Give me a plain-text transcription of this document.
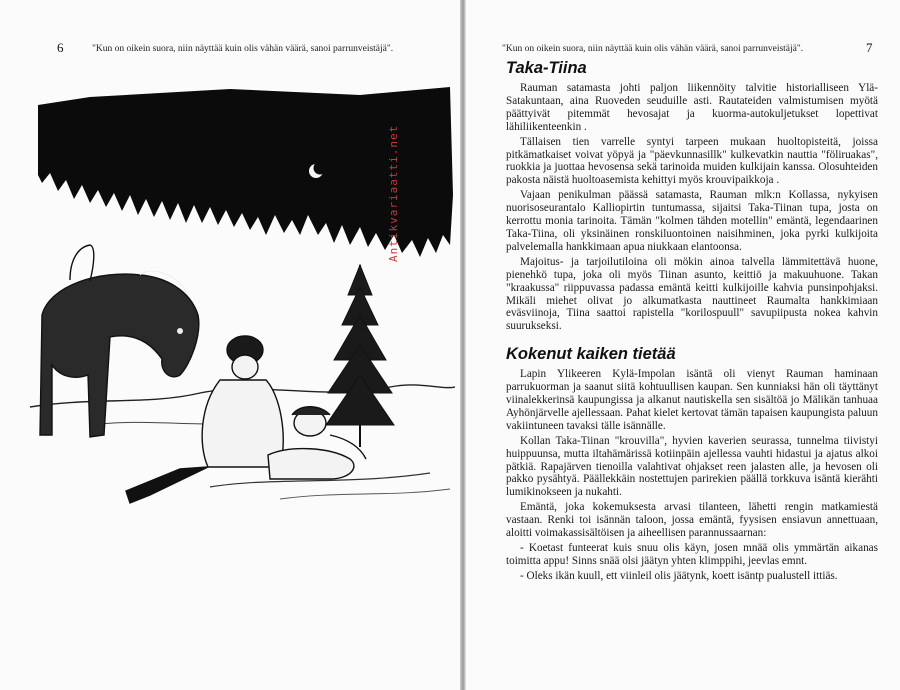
6	"Kun on oikein suora, niin näyttää kuin olis vähän väärä, sanoi parrunveistäjä".
Antikvariaatti.net
"Kun on oikein suora, niin näyttää kuin olis vähän väärä, sanoi parrunveistäjä".	7
Taka-Tiina

Rauman satamasta johti paljon liikennöity talvitie historialliseen Ylä-Satakuntaan, aina Ruoveden seuduille asti. Rautateiden valmistumisen myötä päättyivät pitemmät hevosajat ja kuorma-autokuljetukset lopettivat lähiliikenteenkin .

Tällaisen tien varrelle syntyi tarpeen mukaan huoltopisteitä, joissa pitkämatkaiset voivat yöpyä ja "päevkunnasillk" kulkevatkin nauttia "föliruakas", ruokkia ja juottaa hevosensa sekä tarinoida muiden kulkijain kanssa. Olosuhteiden pakosta näistä huoltoasemista kehittyi myös krouvipaikkoja .

Vajaan penikulman päässä satamasta, Rauman mlk:n Kollassa, nykyisen nuorisoseurantalo Kalliopirtin tuntumassa, sijaitsi Taka-Tiinan tupa, josta on kerrottu monia tarinoita. Tämän "kolmen tähden motellin" emäntä, legendaarinen Taka-Tiina, oli yksinäinen ronskiluontoinen naisihminen, joka pyrki kulkijoita palvelemalla hankkimaan apua niukkaan elantoonsa.

Majoitus- ja tarjoilutiloina oli mökin ainoa talvella lämmitettävä huone, pienehkö tupa, joka oli myös Tiinan asunto, keittiö ja makuuhuone. Takan "kraakussa" riippuvassa padassa emäntä keitti kulkijoille kahvia punsinpohjaksi. Mikäli miehet olivat jo alkumatkasta nauttineet Raumalta hankkimiaan eväsviinoja, Tiina saattoi rapistella "korilospuull" savupiipusta nokea kahvin suurukseksi.

Kokenut kaiken tietää

Lapin Ylikeeren Kylä-Impolan isäntä oli vienyt Rauman haminaan parrukuorman ja saanut siitä kohtuullisen kaupan. Sen kunniaksi hän oli täyttänyt viinalekkerinsä kaupungissa ja alkanut nautiskella sen sisältöä jo Mälikän tanhuaa Ayhönjärvelle ajellessaan. Pahat kielet kertovat tämän tapaisen kaupungista paluun vakiintuneen tavaksi tälle isännälle.

Kollan Taka-Tiinan "krouvilla", hyvien kaverien seurassa, tunnelma tiivistyi huippuunsa, mutta iltahämärissä kotiinpäin ajellessa vauhti hidastui ja ajatus alkoi pätkiä. Rapajärven tienoilla valahtivat ohjakset reen jalasten alle, ja hevosen oli pakko pysähtyä. Päällekkäin nostettujen parirekien päällä torkkuva isäntä kierähti lumikinokseen ja nukahti.

Emäntä, joka kokemuksesta arvasi tilanteen, lähetti rengin matkamiestä vastaan. Renki toi isännän taloon, jossa emäntä, fyysisen ensiavun annettuaan, aloitti voimakassisältöisen ja aiheellisen parannussaarnan:

- Koetast funteerat kuis snuu olis käyn, josen mnää olis ymmärtän aikanas toimitta appu! Sinns snää olsi jäätyn yhten klimppihi, jeevlas emnt.

- Oleks ikän kuull, ett viinleil olis jäätynk, koett isäntp pualustell ittiäs.
